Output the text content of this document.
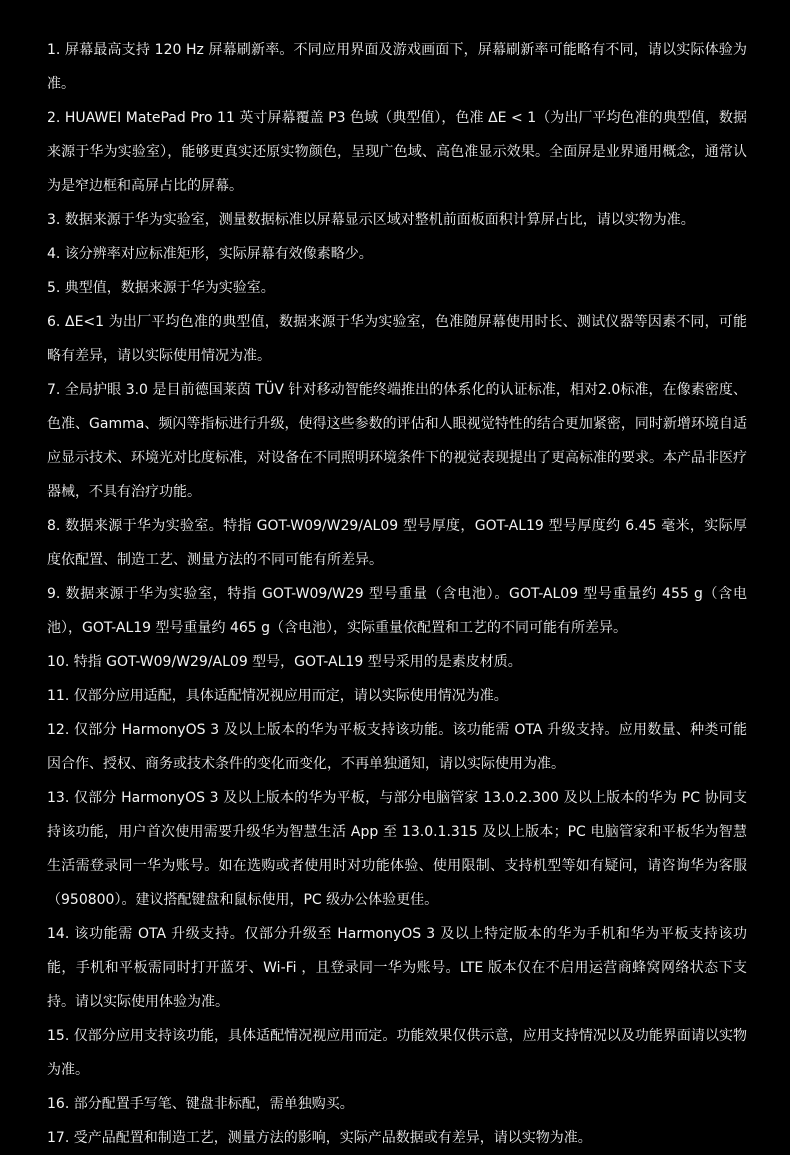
1. 屏幕最高支持 120 Hz 屏幕刷新率。不同应用界面及游戏画面下，屏幕刷新率可能略有不同，请以实际体验为准。
2. HUAWEI MatePad Pro 11 英寸屏幕覆盖 P3 色域（典型值），色准 ΔE < 1（为出厂平均色准的典型值，数据来源于华为实验室），能够更真实还原实物颜色，呈现广色域、高色准显示效果。全面屏是业界通用概念，通常认为是窄边框和高屏占比的屏幕。
3. 数据来源于华为实验室，测量数据标准以屏幕显示区域对整机前面板面积计算屏占比，请以实物为准。
4. 该分辨率对应标准矩形，实际屏幕有效像素略少。
5. 典型值，数据来源于华为实验室。
6. ΔE<1 为出厂平均色准的典型值，数据来源于华为实验室，色准随屏幕使用时长、测试仪器等因素不同，可能略有差异，请以实际使用情况为准。
7. 全局护眼 3.0 是目前德国莱茵 TÜV 针对移动智能终端推出的体系化的认证标准，相对2.0标准，在像素密度、色准、Gamma、频闪等指标进行升级，使得这些参数的评估和人眼视觉特性的结合更加紧密，同时新增环境自适应显示技术、环境光对比度标准，对设备在不同照明环境条件下的视觉表现提出了更高标准的要求。本产品非医疗器械，不具有治疗功能。
8. 数据来源于华为实验室。特指 GOT-W09/W29/AL09 型号厚度，GOT-AL19 型号厚度约 6.45 毫米，实际厚度依配置、制造工艺、测量方法的不同可能有所差异。
9. 数据来源于华为实验室，特指 GOT-W09/W29 型号重量（含电池）。GOT-AL09 型号重量约 455 g（含电池），GOT-AL19 型号重量约 465 g（含电池），实际重量依配置和工艺的不同可能有所差异。
10. 特指 GOT-W09/W29/AL09 型号，GOT-AL19 型号采用的是素皮材质。
11. 仅部分应用适配，具体适配情况视应用而定，请以实际使用情况为准。
12. 仅部分 HarmonyOS 3 及以上版本的华为平板支持该功能。该功能需 OTA 升级支持。应用数量、种类可能因合作、授权、商务或技术条件的变化而变化，不再单独通知，请以实际使用为准。
13. 仅部分 HarmonyOS 3 及以上版本的华为平板，与部分电脑管家 13.0.2.300 及以上版本的华为 PC 协同支持该功能，用户首次使用需要升级华为智慧生活 App 至 13.0.1.315 及以上版本；PC 电脑管家和平板华为智慧生活需登录同一华为账号。如在选购或者使用时对功能体验、使用限制、支持机型等如有疑问，请咨询华为客服（950800）。建议搭配键盘和鼠标使用，PC 级办公体验更佳。
14. 该功能需 OTA 升级支持。仅部分升级至 HarmonyOS 3 及以上特定版本的华为手机和华为平板支持该功能，手机和平板需同时打开蓝牙、Wi-Fi ，且登录同一华为账号。LTE 版本仅在不启用运营商蜂窝网络状态下支持。请以实际使用体验为准。
15. 仅部分应用支持该功能，具体适配情况视应用而定。功能效果仅供示意，应用支持情况以及功能界面请以实物为准。
16. 部分配置手写笔、键盘非标配，需单独购买。
17. 受产品配置和制造工艺，测量方法的影响，实际产品数据或有差异，请以实物为准。
